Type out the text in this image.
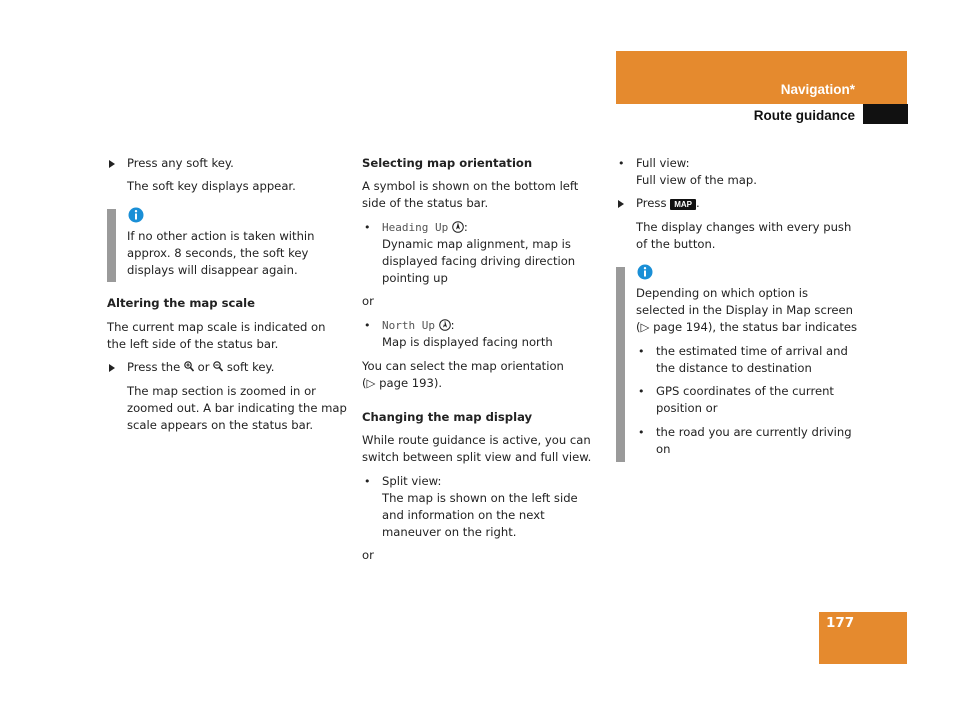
Navigation*
Route guidance

Press any soft key.

The soft key displays appear.

If no other action is taken within approx. 8 seconds, the soft key displays will disappear again.

Altering the map scale

The current map scale is indicated on the left side of the status bar.

Press the or soft key.

The map section is zoomed in or zoomed out. A bar indicating the map scale appears on the status bar.

Selecting map orientation

A symbol is shown on the bottom left side of the status bar.

• Heading Up :
Dynamic map alignment, map is displayed facing driving direction pointing up

or

• North Up :
Map is displayed facing north

You can select the map orientation
(▷ page 193).

Changing the map display

While route guidance is active, you can switch between split view and full view.

• Split view:
The map is shown on the left side and information on the next maneuver on the right.

or

• Full view:
Full view of the map.

Press MAP .

The display changes with every push of the button.

Depending on which option is selected in the Display in Map screen
(▷ page 194), the status bar indicates

• the estimated time of arrival and the distance to destination

• GPS coordinates of the current position or

• the road you are currently driving on

177
